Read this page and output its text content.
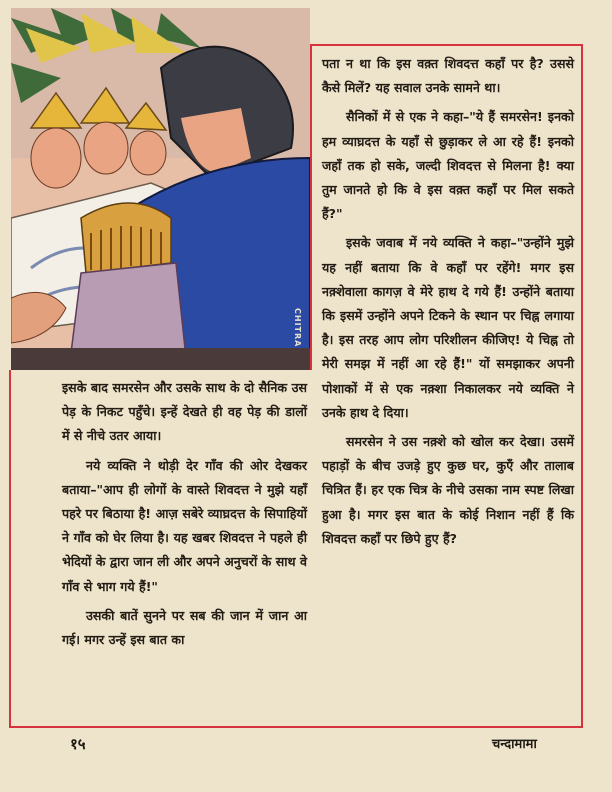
CHITRA

पता न था कि इस वक़्त शिवदत्त कहाँ पर है? उससे कैसे मिलें? यह सवाल उनके सामने था।

सैनिकों में से एक ने कहा–"ये हैं समरसेन! इनको हम व्याघ्रदत्त के यहाँ से छुड़ाकर ले आ रहे हैं! इनको जहाँ तक हो सके, जल्दी शिवदत्त से मिलना है! क्या तुम जानते हो कि वे इस वक़्त कहाँ पर मिल सकते हैं?"

इसके जवाब में नये व्यक्ति ने कहा–"उन्होंने मुझे यह नहीं बताया कि वे कहाँ पर रहेंगे! मगर इस नक़्शेवाला कागज़ वे मेरे हाथ दे गये हैं! उन्होंने बताया कि इसमें उन्होंने अपने टिकने के स्थान पर चिह्न लगाया है। इस तरह आप लोग परिशीलन कीजिए! ये चिह्न तो मेरी समझ में नहीं आ रहे हैं!" यों समझाकर अपनी पोशाकों में से एक नक़्शा निकालकर नये व्यक्ति ने उनके हाथ दे दिया।

समरसेन ने उस नक़्शे को खोल कर देखा। उसमें पहाड़ों के बीच उजड़े हुए कुछ घर, कुएँ और तालाब चित्रित हैं। हर एक चित्र के नीचे उसका नाम स्पष्ट लिखा हुआ है। मगर इस बात के कोई निशान नहीं हैं कि शिवदत्त कहाँ पर छिपे हुए हैं?

इसके बाद समरसेन और उसके साथ के दो सैनिक उस पेड़ के निकट पहुँचे। इन्हें देखते ही वह पेड़ की डालों में से नीचे उतर आया।

नये व्यक्ति ने थोड़ी देर गाँव की ओर देखकर बताया–"आप ही लोगों के वास्ते शिवदत्त ने मुझे यहाँ पहरे पर बिठाया है! आज़ सबेरे व्याघ्रदत्त के सिपाहियों ने गाँव को घेर लिया है। यह खबर शिवदत्त ने पहले ही भेदियों के द्वारा जान ली और अपने अनुचरों के साथ वे गाँव से भाग गये हैं!"

उसकी बातें सुनने पर सब की जान में जान आ गई। मगर उन्हें इस बात का

१५	चन्दामामा
